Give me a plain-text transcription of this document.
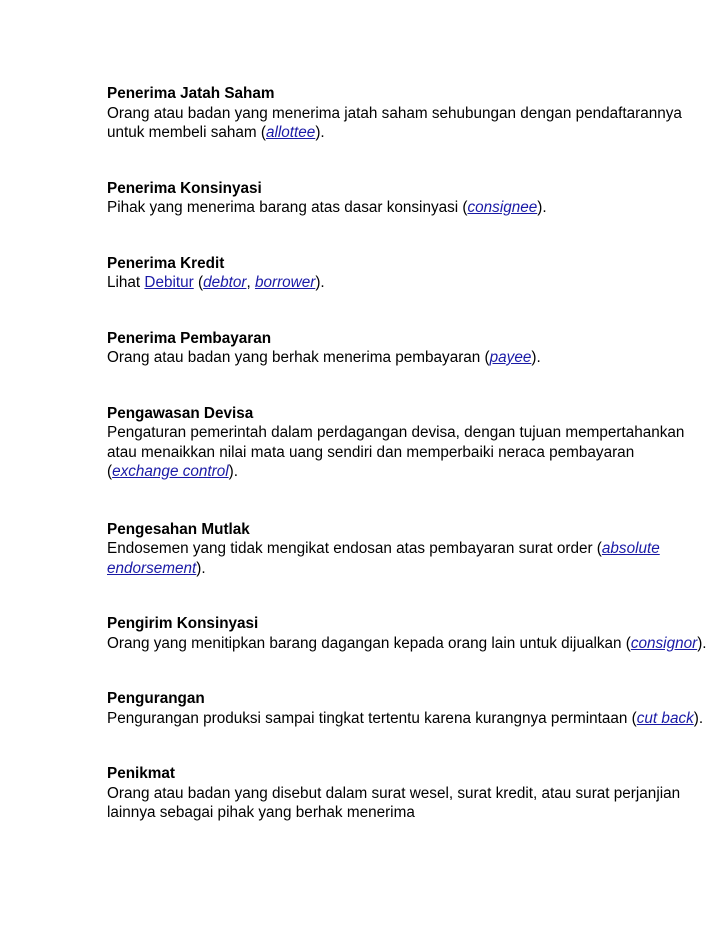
Penerima Jatah Saham
Orang atau badan yang menerima jatah saham sehubungan dengan pendaftarannya untuk membeli saham (allottee).
Penerima Konsinyasi
Pihak yang menerima barang atas dasar konsinyasi (consignee).
Penerima Kredit
Lihat Debitur (debtor, borrower).
Penerima Pembayaran
Orang atau badan yang berhak menerima pembayaran (payee).
Pengawasan Devisa
Pengaturan pemerintah dalam perdagangan devisa, dengan tujuan mempertahankan atau menaikkan nilai mata uang sendiri dan memperbaiki neraca pembayaran (exchange control).
Pengesahan Mutlak
Endosemen yang tidak mengikat endosan atas pembayaran surat order (absolute endorsement).
Pengirim Konsinyasi
Orang yang menitipkan barang dagangan kepada orang lain untuk dijualkan (consignor).
Pengurangan
Pengurangan produksi sampai tingkat tertentu karena kurangnya permintaan (cut back).
Penikmat
Orang atau badan yang disebut dalam surat wesel, surat kredit, atau surat perjanjian lainnya sebagai pihak yang berhak menerima
